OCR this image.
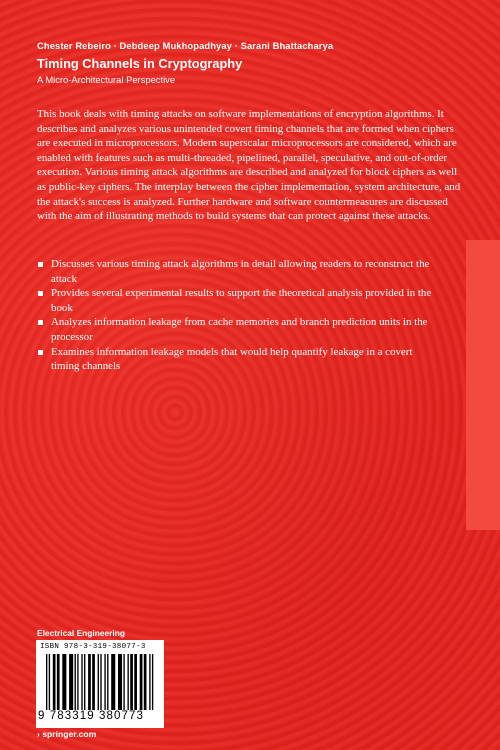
Chester Rebeiro · Debdeep Mukhopadhyay · Sarani Bhattacharya
Timing Channels in Cryptography
A Micro-Architectural Perspective
This book deals with timing attacks on software implementations of encryption algorithms. It describes and analyzes various unintended covert timing channels that are formed when ciphers are executed in microprocessors. Modern superscalar microprocessors are considered, which are enabled with features such as multi-threaded, pipelined, parallel, speculative, and out-of-order execution. Various timing attack algorithms are described and analyzed for block ciphers as well as public-key ciphers. The interplay between the cipher implementation, system architecture, and the attack's success is analyzed. Further hardware and software countermeasures are discussed with the aim of illustrating methods to build systems that can protect against these attacks.
Discusses various timing attack algorithms in detail allowing readers to reconstruct the attack
Provides several experimental results to support the theoretical analysis provided in the book
Analyzes information leakage from cache memories and branch prediction units in the processor
Examines information leakage models that would help quantify leakage in a covert timing channels
Electrical Engineering
ISBN 978-3-319-38077-3
9 783319 380773
› springer.com
